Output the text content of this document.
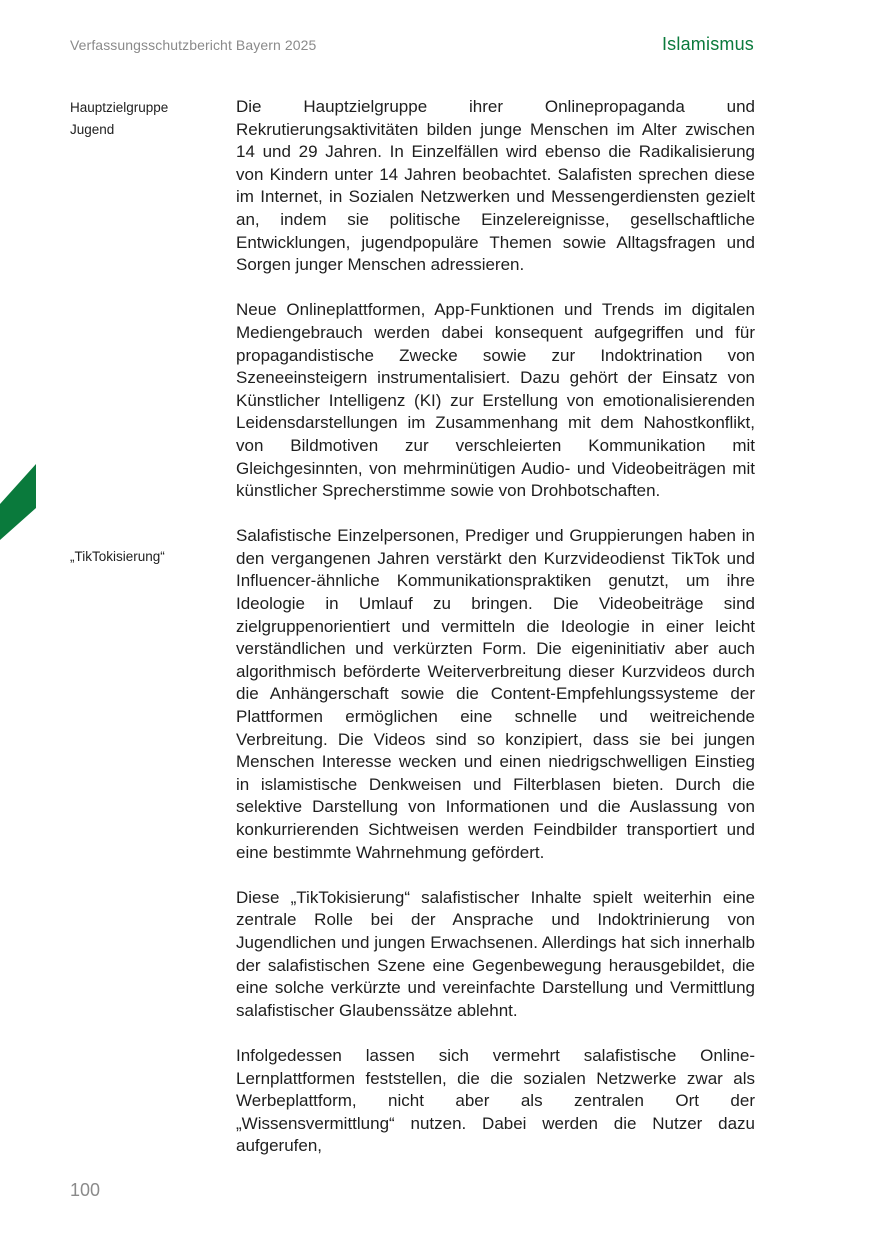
Verfassungsschutzbericht Bayern 2025	Islamismus
Hauptzielgruppe
Jugend
„TikTokisierung“

Die Hauptzielgruppe ihrer Onlinepropaganda und Rekrutierungsaktivitäten bilden junge Menschen im Alter zwischen 14 und 29 Jahren. In Einzelfällen wird ebenso die Radikalisierung von Kindern unter 14 Jahren beobachtet. Salafisten sprechen diese im Internet, in Sozialen Netzwerken und Messengerdiensten gezielt an, indem sie politische Einzelereignisse, gesellschaftliche Entwicklungen, jugendpopuläre Themen sowie Alltagsfragen und Sorgen junger Menschen adressieren.

Neue Onlineplattformen, App-Funktionen und Trends im digitalen Mediengebrauch werden dabei konsequent aufgegriffen und für propagandistische Zwecke sowie zur Indoktrination von Szeneeinsteigern instrumentalisiert. Dazu gehört der Einsatz von Künstlicher Intelligenz (KI) zur Erstellung von emotionalisierenden Leidensdarstellungen im Zusammenhang mit dem Nahostkonflikt, von Bildmotiven zur verschleierten Kommunikation mit Gleichgesinnten, von mehrminütigen Audio- und Videobeiträgen mit künstlicher Sprecherstimme sowie von Drohbotschaften.

Salafistische Einzelpersonen, Prediger und Gruppierungen haben in den vergangenen Jahren verstärkt den Kurzvideodienst TikTok und Influencer-ähnliche Kommunikationspraktiken genutzt, um ihre Ideologie in Umlauf zu bringen. Die Videobeiträge sind zielgruppenorientiert und vermitteln die Ideologie in einer leicht verständlichen und verkürzten Form. Die eigeninitiativ aber auch algorithmisch beförderte Weiterverbreitung dieser Kurzvideos durch die Anhängerschaft sowie die Content-Empfehlungssysteme der Plattformen ermöglichen eine schnelle und weitreichende Verbreitung. Die Videos sind so konzipiert, dass sie bei jungen Menschen Interesse wecken und einen niedrigschwelligen Einstieg in islamistische Denkweisen und Filterblasen bieten. Durch die selektive Darstellung von Informationen und die Auslassung von konkurrierenden Sichtweisen werden Feindbilder transportiert und eine bestimmte Wahrnehmung gefördert.

Diese „TikTokisierung“ salafistischer Inhalte spielt weiterhin eine zentrale Rolle bei der Ansprache und Indoktrinierung von Jugendlichen und jungen Erwachsenen. Allerdings hat sich innerhalb der salafistischen Szene eine Gegenbewegung herausgebildet, die eine solche verkürzte und vereinfachte Darstellung und Vermittlung salafistischer Glaubenssätze ablehnt.

Infolgedessen lassen sich vermehrt salafistische Online-Lernplattformen feststellen, die die sozialen Netzwerke zwar als Werbeplattform, nicht aber als zentralen Ort der „Wissensvermittlung“ nutzen. Dabei werden die Nutzer dazu aufgerufen,

100
